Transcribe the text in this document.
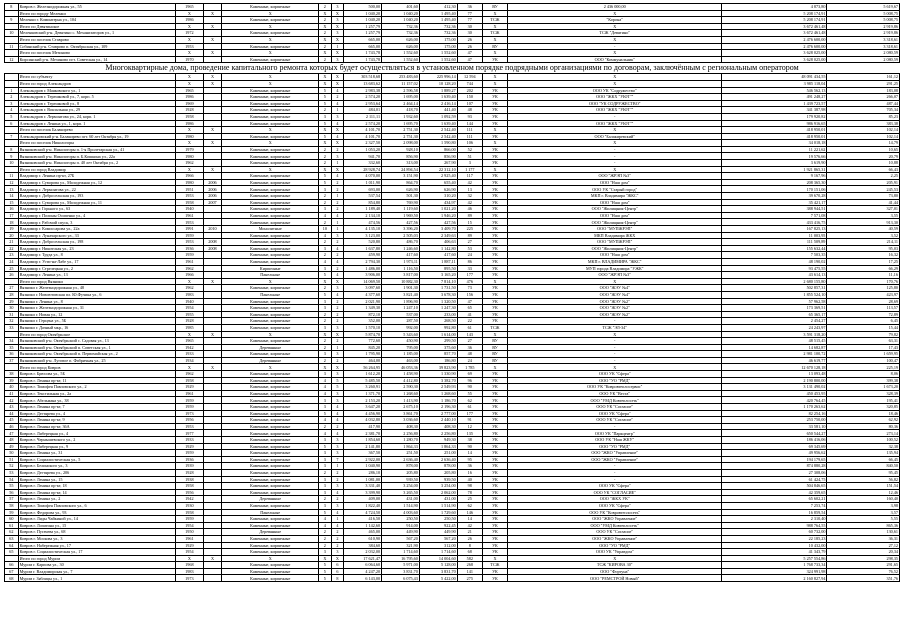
8	Ковров г. Железнодорожная ул., 55	1965		Каменные, кирпичные	2	3	500,00	401,60	412,30	36	ВУ	2 436 000,00	4 873,80	5 619,67
	Итого по городу Меленки	X	X	X	X	X	1 040,20	1 040,20	1 495,40	77	X	X	5 208 174,91	5 008,75
9	Меленки г. Коминтерна ул., 104	1986		Каменные, кирпичные	2	3	1 040,20	1 040,20	1 495,40	77	ТСЖ	"Корона"	5 208 174,91	5 008,75
	Итого по Девятинское	X	X	X	X	X	1 257,79	732,36	732,36	30	X	X	3 672 461,48	2 919,86
10	Меленковский р-н. Девятино с. Механизаторов ул., 1	1972		Каменные, кирпичные	2	3	1 257,79	732,36	732,36	30	ТСЖ	ТСЖ "Девятино"	3 672 461,48	2 919,86
	Итого по поселок Ставрово	X	X	X	X	X	665,00	626,00	175,00	26	X	X	2 476 600,00	3 318,61
11	Собинский р-н. Ставрово п. Октябрьская ул., 109	1953		Каменные, кирпичные	2	1	665,00	626,00	175,00	26	ВУ	-	2 476 600,00	3 318,61
	Итого по поселок Мезиново	X	X	X	X	X	1 743,78	1 552,60	1 552,60	47	X	X	3 628 025,00	2 080,59
12	Кирсинский р-н. Мезиново пгт. Советская ул., 14	1970		Каменные, кирпичные	2	3	1 743,78	1 552,60	1 552,60	47	УК	ООО "Коммунальник"	3 628 025,00	2 080,59
Многоквартирные дома, проведение капитального ремонта которых будет осуществляться в установленном порядке подрядными организациями по договорам, заключённым с региональным оператором
	Итого по субъекту	X	X	X	X	X	303 518,68	253 483,60	225 996,14	12 594	X	X	48 091 434,55	161,12
	Итого по город Александров	X	X	X	X	X	13 683,62	11 157,02	10 128,20	744	X	X	3 985 118,04	291,25
1	Александров г. Маяковского ул., 1	1965		Каменные, кирпичные	5	4	2 983,38	2 596,58	1 889,27	202	УК	ООО УК "Содружество"	546 562,13	183,08
2	Александров г. Терешковой ул., 7, корп. 5	1986		Каменные, кирпичные	5	2	2 574,20	1 695,00	1 639,40	150	УК	ООО "ЖКХ "УЮТ""	491 248,27	266,07
3	Александров г. Терешковой ул., 8	1969		Каменные, кирпичные	5	4	2 953,64	2 464,14	2 416,14	107	УК	ООО "УК СОДРУЖЕСТВО"	1 439 723,57	487,44
4	Александров г. Вокзальная ул., 29	1928		Каменные, кирпичные	2	1	484,01	418,70	441,40	48	УК	ООО "ЖКХ "УЮТ""	341 387,98	705,34
5	Александров г. Лермонтова ул., 24, корп. 1	1958		Каменные, кирпичные	3	3	2 111,11	1 932,60	1 092,59	93	УК	-	179 920,82	85,23
6	Александров г. Ленина ул., 1, корп. 1	1986		Каменные, кирпичные	5	4	2 574,20	1 695,70	1 639,40	144	УК	ООО "ЖКХ "УЮТ""	986 916,65	383,38
	Итого по поселок Балакирево	X	X	X	X	X	4 101,70	2 751,30	2 542,40	111	X	X	418 950,01	102,14
7	Александровский р-н. Балакирево пгт. 60 лет Октября ул., 19	1980		Каменные, кирпичные	5	4	4 101,70	2 751,30	2 542,40	111	УК	ООО "Балакиревский"	418 950,01	102,14
	Итого по поселок Никологоры	X	X	X	X	X	2 327,50	2 098,00	1 590,80	106	X	X	34 018,18	14,79
8	Вязниковский р-н. Никологоры п. 1-я Пролетарская ул., 41	1979		Каменные, кирпичные	2	2	1 053,20	928,10	866,00	52	УК	-	11 221,62	10,65
9	Вязниковский р-н. Никологоры п. Б.Кошкина ул., 22а	1980		Каменные, кирпичные	2	3	941,70	856,90	856,90	51	УК	-	19 576,66	20,79
10	Вязниковский р-н. Никологоры п. 40 лет Октября ул., 2	1962		Каменные, кирпичные	2	1	332,60	313,00	267,90	3	УК	-	3 619,90	10,88
	Итого по город Владимир	X	X	X	X	X	28 928,74	24 894,54	22 312,10	1 177	X	X	1 921 865,31	66,43
11	Владимир г. Ленина пр-кт, 27Б	1966		Каменные, кирпичные	5	4	4 070,00	3 151,90	2 925,40	117	УК	ООО "ЖРЭП №3"	9 167,96	2,25
12	Владимир г. Суворова ул., Молодежная ул., 12	1980	2006	Каменные, кирпичные	5	2	1 011,90	864,70	655,40	42	УК	ООО "Наш дом"	208 365,30	205,91
13	Владимир г. Лермонтова ул., 22	1951	2006	Каменные, кирпичные	3	2	693,00	626,90	626,90	13	УК	ООО УК "Старый город"	170 151,06	245,53
14	Владимир г. Добросельская ул., 193	1953	2006	Каменные, кирпичные	2	1	537,54	501,30	310,20	32	УК	МКП г. Владимира "ЖКС"	39 670,28	73,80
15	Владимир г. Суворова ул., Молодежная ул., 11	1958	2007	Каменные, кирпичные	2	2	854,80	769,90	434,97	42	УК	ООО "Наш дом"	35 421,17	41,44
16	Владимир г. Горького ул., 63	1940		Каменные, кирпичные	3	2	1 189,40	1 119,60	1 021,20	46	УК	ООО "Жилищник-Центр"	388 944,51	327,01
17	Владимир г. Полины Осипенко ул., 4	1961		Каменные, кирпичные	4	4	2 134,10	1 969,50	1 946,20	89	УК	ООО "Наш дом"	7 571,08	3,55
18	Владимир г. Рабочий спуск, 3	1953		Каменные, кирпичные	2	1	474,56	427,56	427,56	15	УК	ООО "Жилищник-Центр"	433 416,75	913,30
19	Владимир г. Комиссарова ул., 22а	1991	2010	Монолитные	10	1	4 135,10	3 396,20	3 409,70	225	УК	ООО "МУПЖРЭП"	167 825,13	40,59
20	Владимир г. Луначарского ул., 33	1959		Каменные, кирпичные	4	3	3 123,00	2 505,03	2 349,63	89	УК	МКП Владимира ЖКХ	11 003,95	3,52
21	Владимир г. Добросельская ул., 198	1953	2008	Каменные, кирпичные	2	2	520,80	486,70	406,63	27	УК	ООО "МУПЖРЭП"	111 509,89	214,11
22	Владимир г. Никитская ул., 23	1936	2008	Каменные, кирпичные	3	4	1 637,80	1 246,60	1 142,80	53	УК	ООО "Жилищник-Центр"	155 632,44	95,03
23	Владимир г. Труда ул., 8	1959		Каменные, кирпичные	2	2	459,90	417,60	417,60	24	УК	ООО "Наш дом"	7 503,35	16,32
24	Владимир г. Усти-на-Лабе ул., 17	1961		Каменные, кирпичные	4	4	2 794,30	1 973,11	1 887,11	86	УК	МКП г. ВЛАДИМИРА "ЖКС"	48 190,02	17,25
25	Владимир г. Стрелецкая ул., 2	1962		Кирпичные	3	2	1 486,00	1 116,50	895,50	33	УК	МУП города Владимира "УЖК"	93 475,55	66,29
26	Владимир г. Ленина ул., 13	1966		Панельные	5	4	3 906,00	3 817,00	3 165,20	177	УК	ООО "ЖРЭП №3"	43 614,13	11,16
	Итого по город Вязники	X	X	X	X	X	14 069,50	10 882,30	7 814,10	476	X	X	2 680 155,80	170,76
27	Вязники г. Железнодорожная ул., 48	1962		Каменные, кирпичные	2	3	3 097,60	1 901,30	1 731,50	73	УК	ООО "ЖЭУ №4"	502 857,31	125,80
28	Вязники г. Новоютовская пл. Ю.Фучика ул., 6	1983		Панельные	5	4	4 377,60	3 821,40	3 678,30	156	УК	ООО "ЖЭУ №4"	1 855 524,10	423,97
29	Вязники г. Ленина ул., 8	1940		Каменные, кирпичные	3	2	2 021,90	1 896,90	1 320,50	47	УК	ООО "ЖЭУ №2"	57 962,58	28,69
30	Вязники г. Железнодорожная ул., 31	1954		Каменные, кирпичные	3	2	1 349,30	1 247,10	1 247,30	65	УК	ООО "ЖЭУ №2"	173 369,51	113,57
31	Вязники г. Новая ул., 12	1955		Каменные, кирпичные	2	2	872,10	537,00	233,00	41	УК	ООО "ЖЭУ №2"	65 365,17	72,89
32	Вязники г. Герцена ул., 5Б	1928		Каменные, кирпичные	2	2	352,00	287,50	268,50	22	УК	-	2 454,27	6,45
33	Вязники г. Дачный мкр., 16	1985		Каменные, кирпичные	3	3	1 570,10	992,00	992,80	61	ТСЖ	ТСЖ "ЭЛ-34"	24 243,97	15,44
	Итого по город Октябрьское	X	X	X	X	X	5 874,70	5 343,60	1 614,00	143	X	X	3 591 318,20	79,82
34	Вязниковский р-н. Октябрьский с. Садовая ул., 13	1965		Каменные, кирпичные	2	2	772,60	450,90	299,50	27	ВУ	-	48 515,45	63,31
35	Вязниковский р-н. Октябрьский п. Советская ул., 1	1942		Деревянные	2	1	845,20	795,00	375,60	36	ВУ	-	14 682,87	17,43
36	Вязниковский р-н. Октябрьский п. Первомайская ул., 2	1933		Каменные, кирпичные	3	3	1 795,90	1 185,00	857,70	48	ВУ	-	2 981 100,72	1 659,95
37	Вязниковский р-н. Луговое п. Фабричная ул., 25	1934		Деревянные	2	2	464,00	463,00	186,80	24	ВУ	-	46 619,77	100,47
	Итого по город Ковров	X	X	X	X	X	56 264,95	46 053,36	39 823,90	1 785	X	X	12 670 128,18	225,19
38	Ковров г. Брюсова ул., 5Б	1962		Каменные, кирпичные	3	3	1 612,20	1 458,90	1 330,90	69	УК	ООО УК "Сфера"	13 093,48	8,06
39	Ковров г. Ленина пр-кт, 11	1958		Каменные, кирпичные	4	5	5 485,50	4 412,80	3 382,70	96	УК	ООО "УО "РМД"	2 190 800,00	399,38
40	Ковров г. Тимофея Павловского ул., 2	1929		Каменные, кирпичные	4	5	3 260,91	2 590,30	2 549,93	90	УК	ООО УК "Ковровтеплосервис"	3 131 490,02	1 673,20
41	Ковров г. Текстильная ул., 2а	1961		Каменные, кирпичные	4	3	1 371,70	1 268,60	1 268,60	55	УК	ООО УК "Веста"	450 453,95	328,39
42	Ковров г. Абельмана ул., 38	1959		Каменные, кирпичные	3	3	2 153,20	1 413,90	1 186,70	62	УК	ООО "УМД Ковтеплосеть"	420 764,45	195,41
43	Ковров г. Ленина пр-кт, 7	1959		Каменные, кирпичные	3	4	3 647,20	2 675,10	2 196,30	61	УК	ООО УК "Согласие"	1 170 263,62	320,85
44	Ковров г. Дегтярева ул., 4	1973		Каменные, кирпичные	5	4	4 456,90	3 861,70	2 777,00	177	УК	ООО УК "Сфера"	82 254,16	18,46
45	Ковров г. Ленина пр-кт, 9	1956		Каменные, кирпичные	4	4	4 032,80	3 036,60	2 440,10	91	УК	ООО УК "Согласие"	253 750,00	62,92
46	Ковров г. Ленина пр-кт, 36А	1953		Каменные, кирпичные	2	2	417,90	408,30	408,30	12	УК	-	33 581,10	80,36
47	Ковров г. Либерецкая ул., 4	1977		Каменные, кирпичные	4	4	2 381,70	2 256,80	2 256,80	135	УК	ООО УК "Паркцентр"	650 544,27	273,14
48	Ковров г. Чернышевского ул., 2	1933		Каменные, кирпичные	3	3	1 854,60	1 280,70	949,30	38	УК	ООО УК "Наш ЖКУ"	186 416,06	100,52
49	Ковров г. Либерецкая ул., 9	1929		Каменные, кирпичные	5	3	2 141,80	1 864,33	1 864,33	90	УК	ООО "УО "РМД"	69 345,69	32,38
50	Ковров г. Ленина ул., 31	1959		Каменные, кирпичные	3	3	367,50	251,50	251,00	14	УК	ООО "ЖКО "Управление"	49 956,62	135,94
51	Ковров г. Социалистическая ул., 5	1936		Каменные, кирпичные	3	7	2 922,00	2 636,40	2 636,40	95	УК	ООО "ЖКО "Управление"	194 179,65	66,45
52	Ковров г. Белинского ул., 3	1939		Каменные, кирпичные	3	1	1 040,90	878,00	878,00	36	УК	-	874 880,28	840,50
53	Ковров г. Дегтярева ул., 206	1928		Каменные, кирпичные	2	2	286,10	205,80	205,80	16	УК	-	27 308,06	95,45
54	Ковров г. Ленина ул., 15	1938		Каменные, кирпичные	3	2	1 081,00	939,50	939,50	40	УК	-	61 424,75	56,82
55	Ковров г. Ленина пр-кт, 18	1958		Каменные, кирпичные	3	3	3 331,40	3 254,00	3 254,00	98	УК	ООО УК "Сфера"	504 846,65	151,54
56	Ковров г. Ленина пр-кт, 14	1956		Каменные, кирпичные	3	4	3 399,90	3 265,50	2 062,00	78	УК	ООО УК "СОГЛАСИЕ"	42 359,65	12,46
57	Ковров г. Ленина ул., 2	1942		Деревянные	2	2	409,00	431,00	431,00	25	УК	ООО "ЖКХ УК"	65 602,21	160,40
58	Ковров г. Тимофея Павловского ул., 6	1930		Каменные, кирпичные	3	3	1 822,40	1 514,90	1 514,90	62	УК	ООО УК "Сфера"	7 253,74	3,98
59	Ковров г. Федорова ул., 93	1958		Панельные	5	4	4 724,50	4 003,60	1 729,60	146	УК	ООО УК "Ковровтеплосеть"	16 859,54	3,57
60	Ковров г. Лиды Чайкиной ул., 14	1959		Каменные, кирпичные	4	1	416,50	250,50	250,50	14	УК	ООО "ЖКО Управление"	2 310,40	5,55
61	Ковров г. Лопатина ул., 15	1954		Каменные, кирпичные	4	4	1 142,60	914,00	922,45	42	УК	ООО "УМД Ковтеплосеть"	988 764,55	865,36
62	Ковров г. Пугачева ул., 68	1950		Деревянные	2	2	465,00	449,90	449,90	21	УК	ООО УК "Согласие"	60 732,00	130,61
63	Ковров г. Москова ул., 3	1961		Каменные, кирпичные	2	2	610,90	567,20	567,20	26	УК	ООО "ЖКО Управление"	22 185,23	36,31
64	Ковров г. Набережная ул., 17	1929		Каменные, кирпичные	2	2	384,60	321,90	312,00	8	УК	ООО "УО "РМД"	10 432,00	27,12
65	Ковров г. Социалистическая ул., 17	1954		Каменные, кирпичные	3	3	2 032,00	1 714,60	1 714,60	68	УК	ООО УК "Управдом"	41 343,79	20,34
	Итого по город Муром	X	X	X	X	X	17 621,47	16 795,60	14 004,60	582	X	X	5 257 554,86	298,35
66	Муром г. Карпова ул., 30	1968		Каменные, кирпичные	5	6	6 064,60	5 971,00	5 128,00	268	ТСЖ	ТСЖ "КИРОВА 30"	1 768 733,34	291,65
67	Муром г. Владимирская ул., 7	1983		Каменные, кирпичные	5	6	4 247,20	3 831,70	3 831,70	141	УК	ООО "Фортуна"	324 991,98	76,52
68	Муром г. Зяблицы ул., 1	1973		Каменные, кирпичные	5	8	6 143,00	6 075,43	5 422,00	275	УК	ООО "РЕМСТРОЙ Новый"	2 160 827,94	351,76
